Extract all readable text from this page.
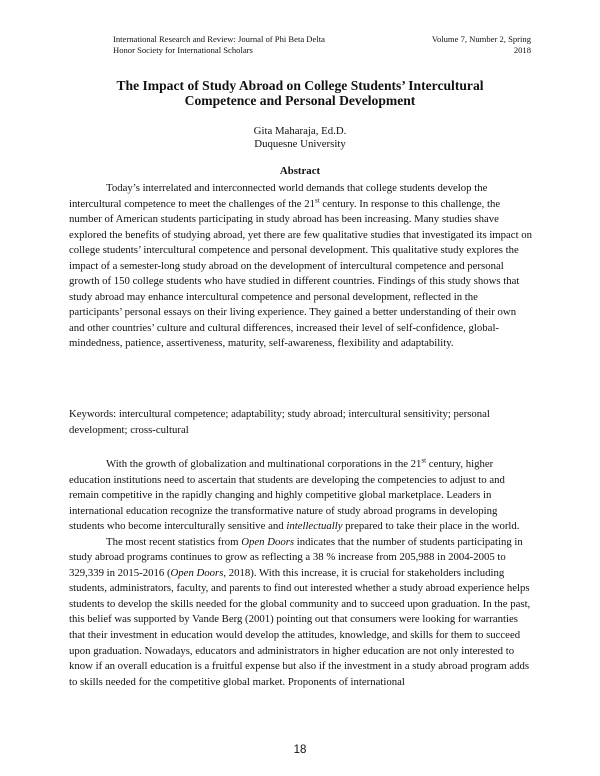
International Research and Review: Journal of Phi Beta Delta
Honor Society for International Scholars
Volume 7, Number 2, Spring
2018
The Impact of Study Abroad on College Students’ Intercultural
Competence and Personal Development
Gita Maharaja, Ed.D.
Duquesne University
Abstract

Today’s interrelated and interconnected world demands that college students develop the intercultural competence to meet the challenges of the 21st century. In response to this challenge, the number of American students participating in study abroad has been increasing. Many studies shave explored the benefits of studying abroad, yet there are few qualitative studies that investigated its impact on college students’ intercultural competence and personal development. This qualitative study explores the impact of a semester-long study abroad on the development of intercultural competence and personal growth of 150 college students who have studied in different countries. Findings of this study shows that study abroad may enhance intercultural competence and personal development, reflected in the participants’ personal essays on their living experience. They gained a better understanding of their own and other countries’ culture and cultural differences, increased their level of self-confidence, global-mindedness, patience, assertiveness, maturity, self-awareness, flexibility and adaptability.

Keywords: intercultural competence; adaptability; study abroad; intercultural sensitivity; personal development; cross-cultural

With the growth of globalization and multinational corporations in the 21st century, higher education institutions need to ascertain that students are developing the competencies to adjust to and remain competitive in the rapidly changing and highly competitive global marketplace. Leaders in international education recognize the transformative nature of study abroad programs in developing students who become interculturally sensitive and intellectually prepared to take their place in the world.

The most recent statistics from Open Doors indicates that the number of students participating in study abroad programs continues to grow as reflecting a 38 % increase from 205,988 in 2004-2005 to 329,339 in 2015-2016 (Open Doors, 2018). With this increase, it is crucial for stakeholders including students, administrators, faculty, and parents to find out interested whether a study abroad experience helps students to develop the skills needed for the global community and to succeed upon graduation. In the past, this belief was supported by Vande Berg (2001) pointing out that consumers were looking for warranties that their investment in education would develop the attitudes, knowledge, and skills for them to succeed upon graduation. Nowadays, educators and administrators in higher education are not only interested to know if an overall education is a fruitful expense but also if the investment in a study abroad program adds to skills needed for the competitive global market. Proponents of international

18
